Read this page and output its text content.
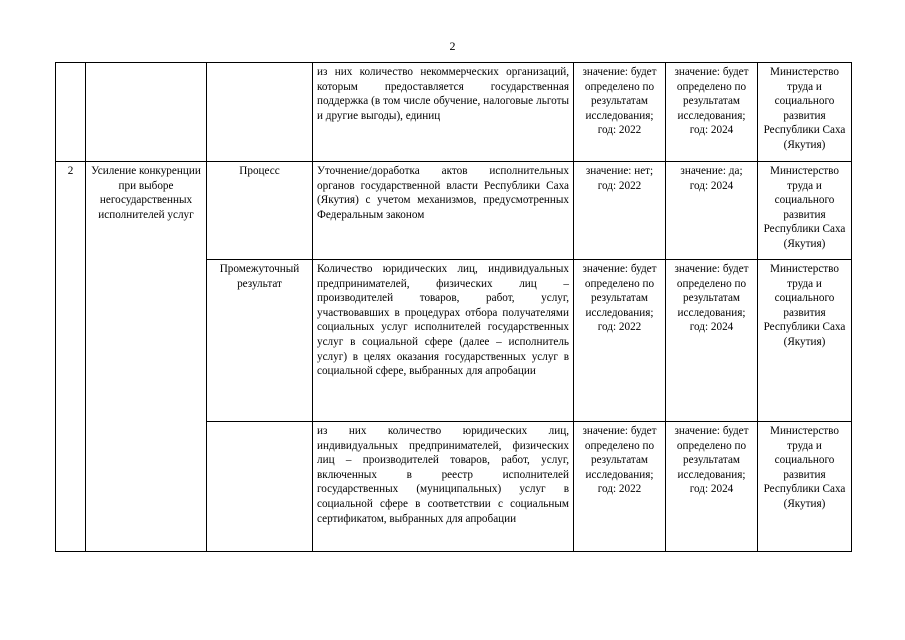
2
			из них количество некоммерческих организаций, которым предоставляется государственная поддержка (в том числе обучение, налоговые льготы и другие выгоды), единиц	значение: будет определено по результатам исследования; год: 2022	значение: будет определено по результатам исследования; год: 2024	Министерство труда и социального развития Республики Саха (Якутия)
2	Усиление конкуренции при выборе негосударственных исполнителей услуг	Процесс	Уточнение/доработка актов исполнительных органов государственной власти Республики Саха (Якутия) с учетом механизмов, предусмотренных Федеральным законом	значение: нет; год: 2022	значение: да; год: 2024	Министерство труда и социального развития Республики Саха (Якутия)
		Промежуточный результат	Количество юридических лиц, индивидуальных предпринимателей, физических лиц – производителей товаров, работ, услуг, участвовавших в процедурах отбора получателями социальных услуг исполнителей государственных услуг в социальной сфере (далее – исполнитель услуг) в целях оказания государственных услуг в социальной сфере, выбранных для апробации	значение: будет определено по результатам исследования; год: 2022	значение: будет определено по результатам исследования; год: 2024	Министерство труда и социального развития Республики Саха (Якутия)
			из них количество юридических лиц, индивидуальных предпринимателей, физических лиц – производителей товаров, работ, услуг, включенных в реестр исполнителей государственных (муниципальных) услуг в социальной сфере в соответствии с социальным сертификатом, выбранных для апробации	значение: будет определено по результатам исследования; год: 2022	значение: будет определено по результатам исследования; год: 2024	Министерство труда и социального развития Республики Саха (Якутия)
